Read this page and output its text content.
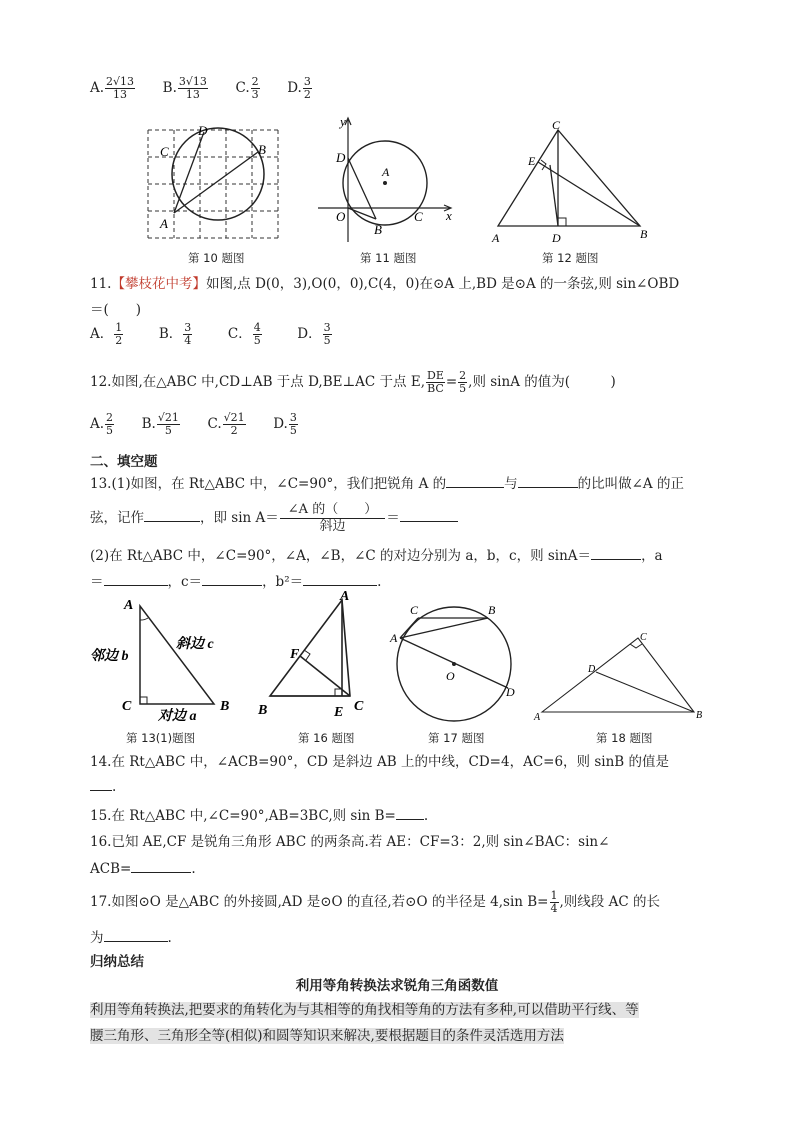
A. $\frac{2√13}{13} B$. $\frac{3√13}{13} C$. $\frac{2}{3} D$. $\frac{3}{2}$
D
C	B
A
第 10 题图
y
D
A
O
B
C x
第 11 题图
C
E
A	D	B
第 12 题图
11.【攀枝花中考】如图,点 D(0，3),O(0，0),C(4，0)在⊙A 上,BD 是⊙A 的一条弦,则 sin∠OBD
＝(　　)
A． $\frac{1}{2}$	B． $\frac{3}{4}$	C． $\frac{4}{5}$	D． $\frac{3}{5}$
12.如图,在△ABC 中,CD⊥AB 于点 D,BE⊥AC 于点 E, $\frac{DE}{BC} = \frac{2}{5}$ ,则 sinA 的值为(　　　)
A. $\frac{2}{5} B$. $\frac{√21}{5} C$. $\frac{√21}{2} D$. $\frac{3}{5}$
二、填空题
13.(1)如图，在 Rt△ABC 中，∠C=90°，我们把锐角 A 的	与	的比叫做∠A 的正
弦，记作	，即 $\sin A= \frac{\text{∠A 的（　　）}}{\text{斜边}}$ ＝
(2)在 Rt△ABC 中，∠C=90°，∠A，∠B，∠C 的对边分别为 a，b，c，则 sinA＝	，a
＝	，c＝	，b²＝	.
A
C	B
邻边 b
斜边 c
对边 a
第 13(1)题图
A
F
B	E C
第 16 题图
C	B
A
O
D
第 17 题图
C
D
A	B
第 18 题图
14.在 Rt△ABC 中，∠ACB=90°，CD 是斜边 AB 上的中线，CD=4，AC=6，则 sinB 的值是
.
15.在 Rt△ABC 中,∠C=90°,AB=3BC,则 sin B= .
16.已知 AE,CF 是锐角三角形 ABC 的两条高.若 AE：CF=3：2,则 sin∠BAC：sin∠
ACB=	.
17.如图⊙O 是△ABC 的外接圆,AD 是⊙O 的直径,若⊙O 的半径是 4,sin $B= \frac{1}{4}$ ,则线段 AC 的长
为	.
归纳总结
利用等角转换法求锐角三角函数值
利用等角转换法,把要求的角转化为与其相等的角找相等角的方法有多种,可以借助平行线、等
腰三角形、三角形全等(相似)和圆等知识来解决,要根据题目的条件灵活选用方法
